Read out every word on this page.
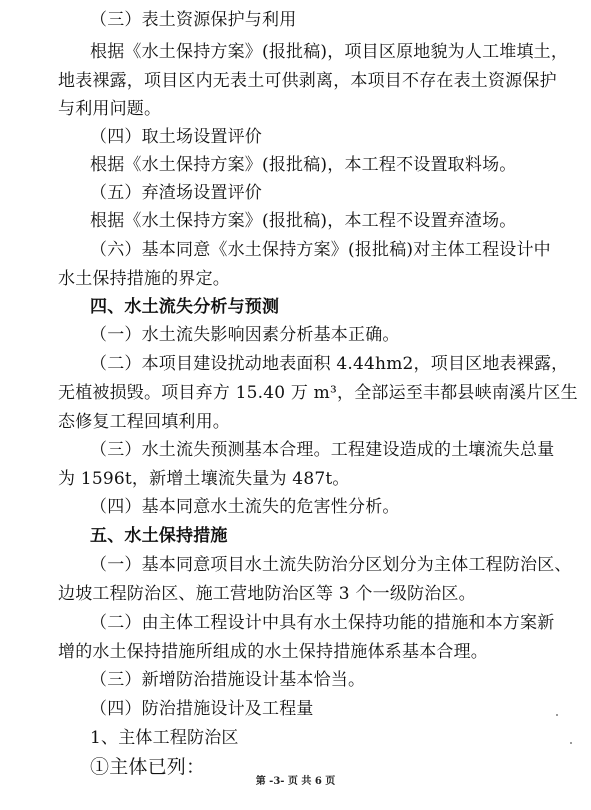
（三）表土资源保护与利用
根据《水土保持方案》(报批稿)，项目区原地貌为人工堆填土，
地表裸露，项目区内无表土可供剥离，本项目不存在表土资源保护
与利用问题。
（四）取土场设置评价
根据《水土保持方案》(报批稿)，本工程不设置取料场。
（五）弃渣场设置评价
根据《水土保持方案》(报批稿)，本工程不设置弃渣场。
（六）基本同意《水土保持方案》(报批稿)对主体工程设计中
水土保持措施的界定。
四、水土流失分析与预测
（一）水土流失影响因素分析基本正确。
（二）本项目建设扰动地表面积 4.44hm2，项目区地表裸露，
无植被损毁。项目弃方 15.40 万 m³，全部运至丰都县峡南溪片区生
态修复工程回填利用。
（三）水土流失预测基本合理。工程建设造成的土壤流失总量
为 1596t，新增土壤流失量为 487t。
（四）基本同意水土流失的危害性分析。
五、水土保持措施
（一）基本同意项目水土流失防治分区划分为主体工程防治区、
边坡工程防治区、施工营地防治区等 3 个一级防治区。
（二）由主体工程设计中具有水土保持功能的措施和本方案新
增的水土保持措施所组成的水土保持措施体系基本合理。
（三）新增防治措施设计基本恰当。
（四）防治措施设计及工程量
1、主体工程防治区
①主体已列：
第 -3- 页 共 6 页
